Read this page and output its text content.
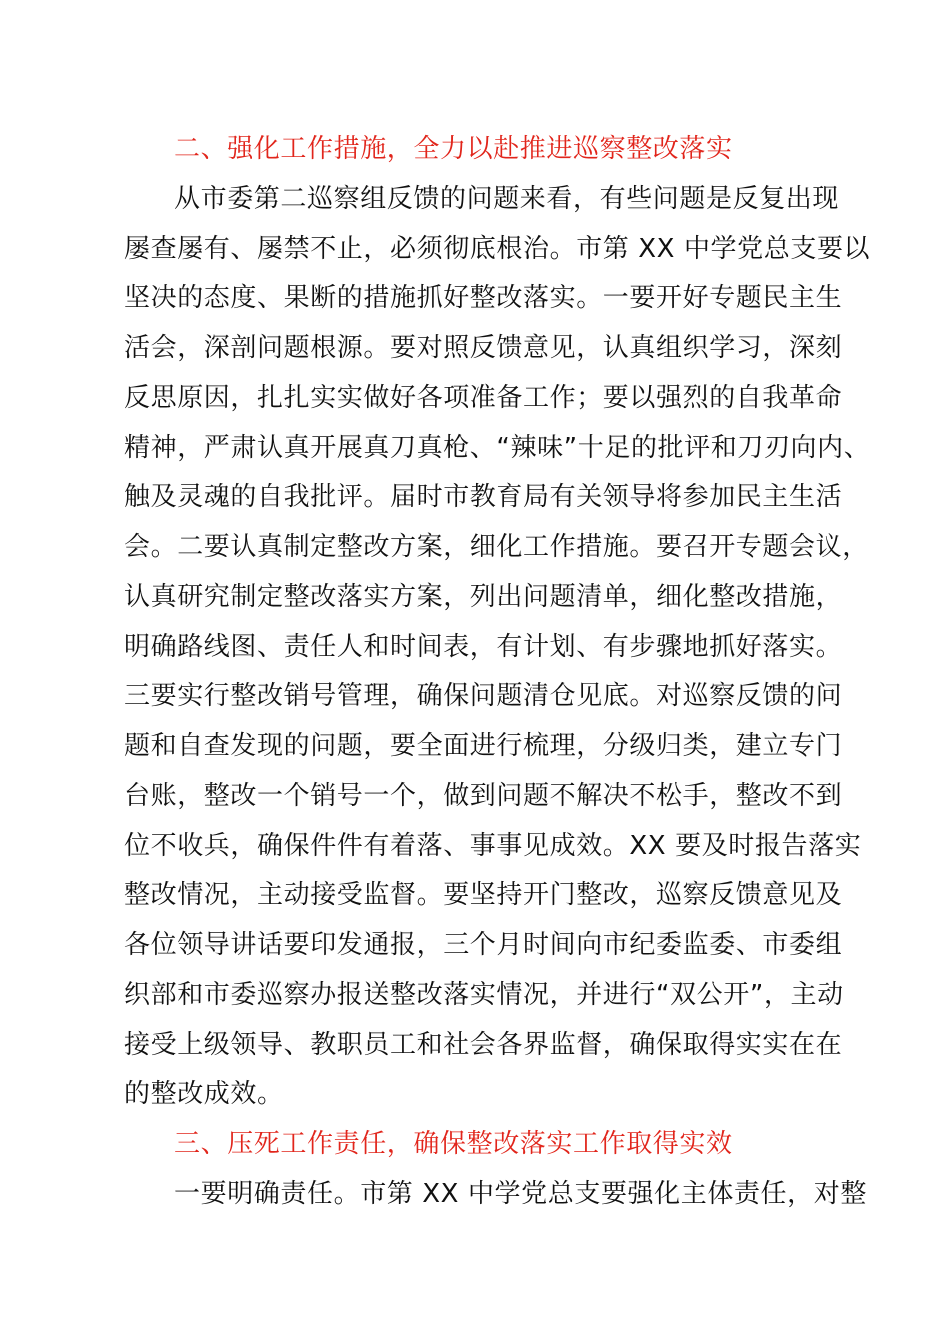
二、强化工作措施，全力以赴推进巡察整改落实
从市委第二巡察组反馈的问题来看，有些问题是反复出现
屡查屡有、屡禁不止，必须彻底根治。市第 XX 中学党总支要以
坚决的态度、果断的措施抓好整改落实。一要开好专题民主生
活会，深剖问题根源。要对照反馈意见，认真组织学习，深刻
反思原因，扎扎实实做好各项准备工作；要以强烈的自我革命
精神，严肃认真开展真刀真枪、“辣味”十足的批评和刀刃向内、
触及灵魂的自我批评。届时市教育局有关领导将参加民主生活
会。二要认真制定整改方案，细化工作措施。要召开专题会议，
认真研究制定整改落实方案，列出问题清单，细化整改措施，
明确路线图、责任人和时间表，有计划、有步骤地抓好落实。
三要实行整改销号管理，确保问题清仓见底。对巡察反馈的问
题和自查发现的问题，要全面进行梳理，分级归类，建立专门
台账，整改一个销号一个，做到问题不解决不松手，整改不到
位不收兵，确保件件有着落、事事见成效。XX 要及时报告落实
整改情况，主动接受监督。要坚持开门整改，巡察反馈意见及
各位领导讲话要印发通报，三个月时间向市纪委监委、市委组
织部和市委巡察办报送整改落实情况，并进行“双公开”，主动
接受上级领导、教职员工和社会各界监督，确保取得实实在在
的整改成效。
三、压死工作责任，确保整改落实工作取得实效
一要明确责任。市第 XX 中学党总支要强化主体责任，对整
